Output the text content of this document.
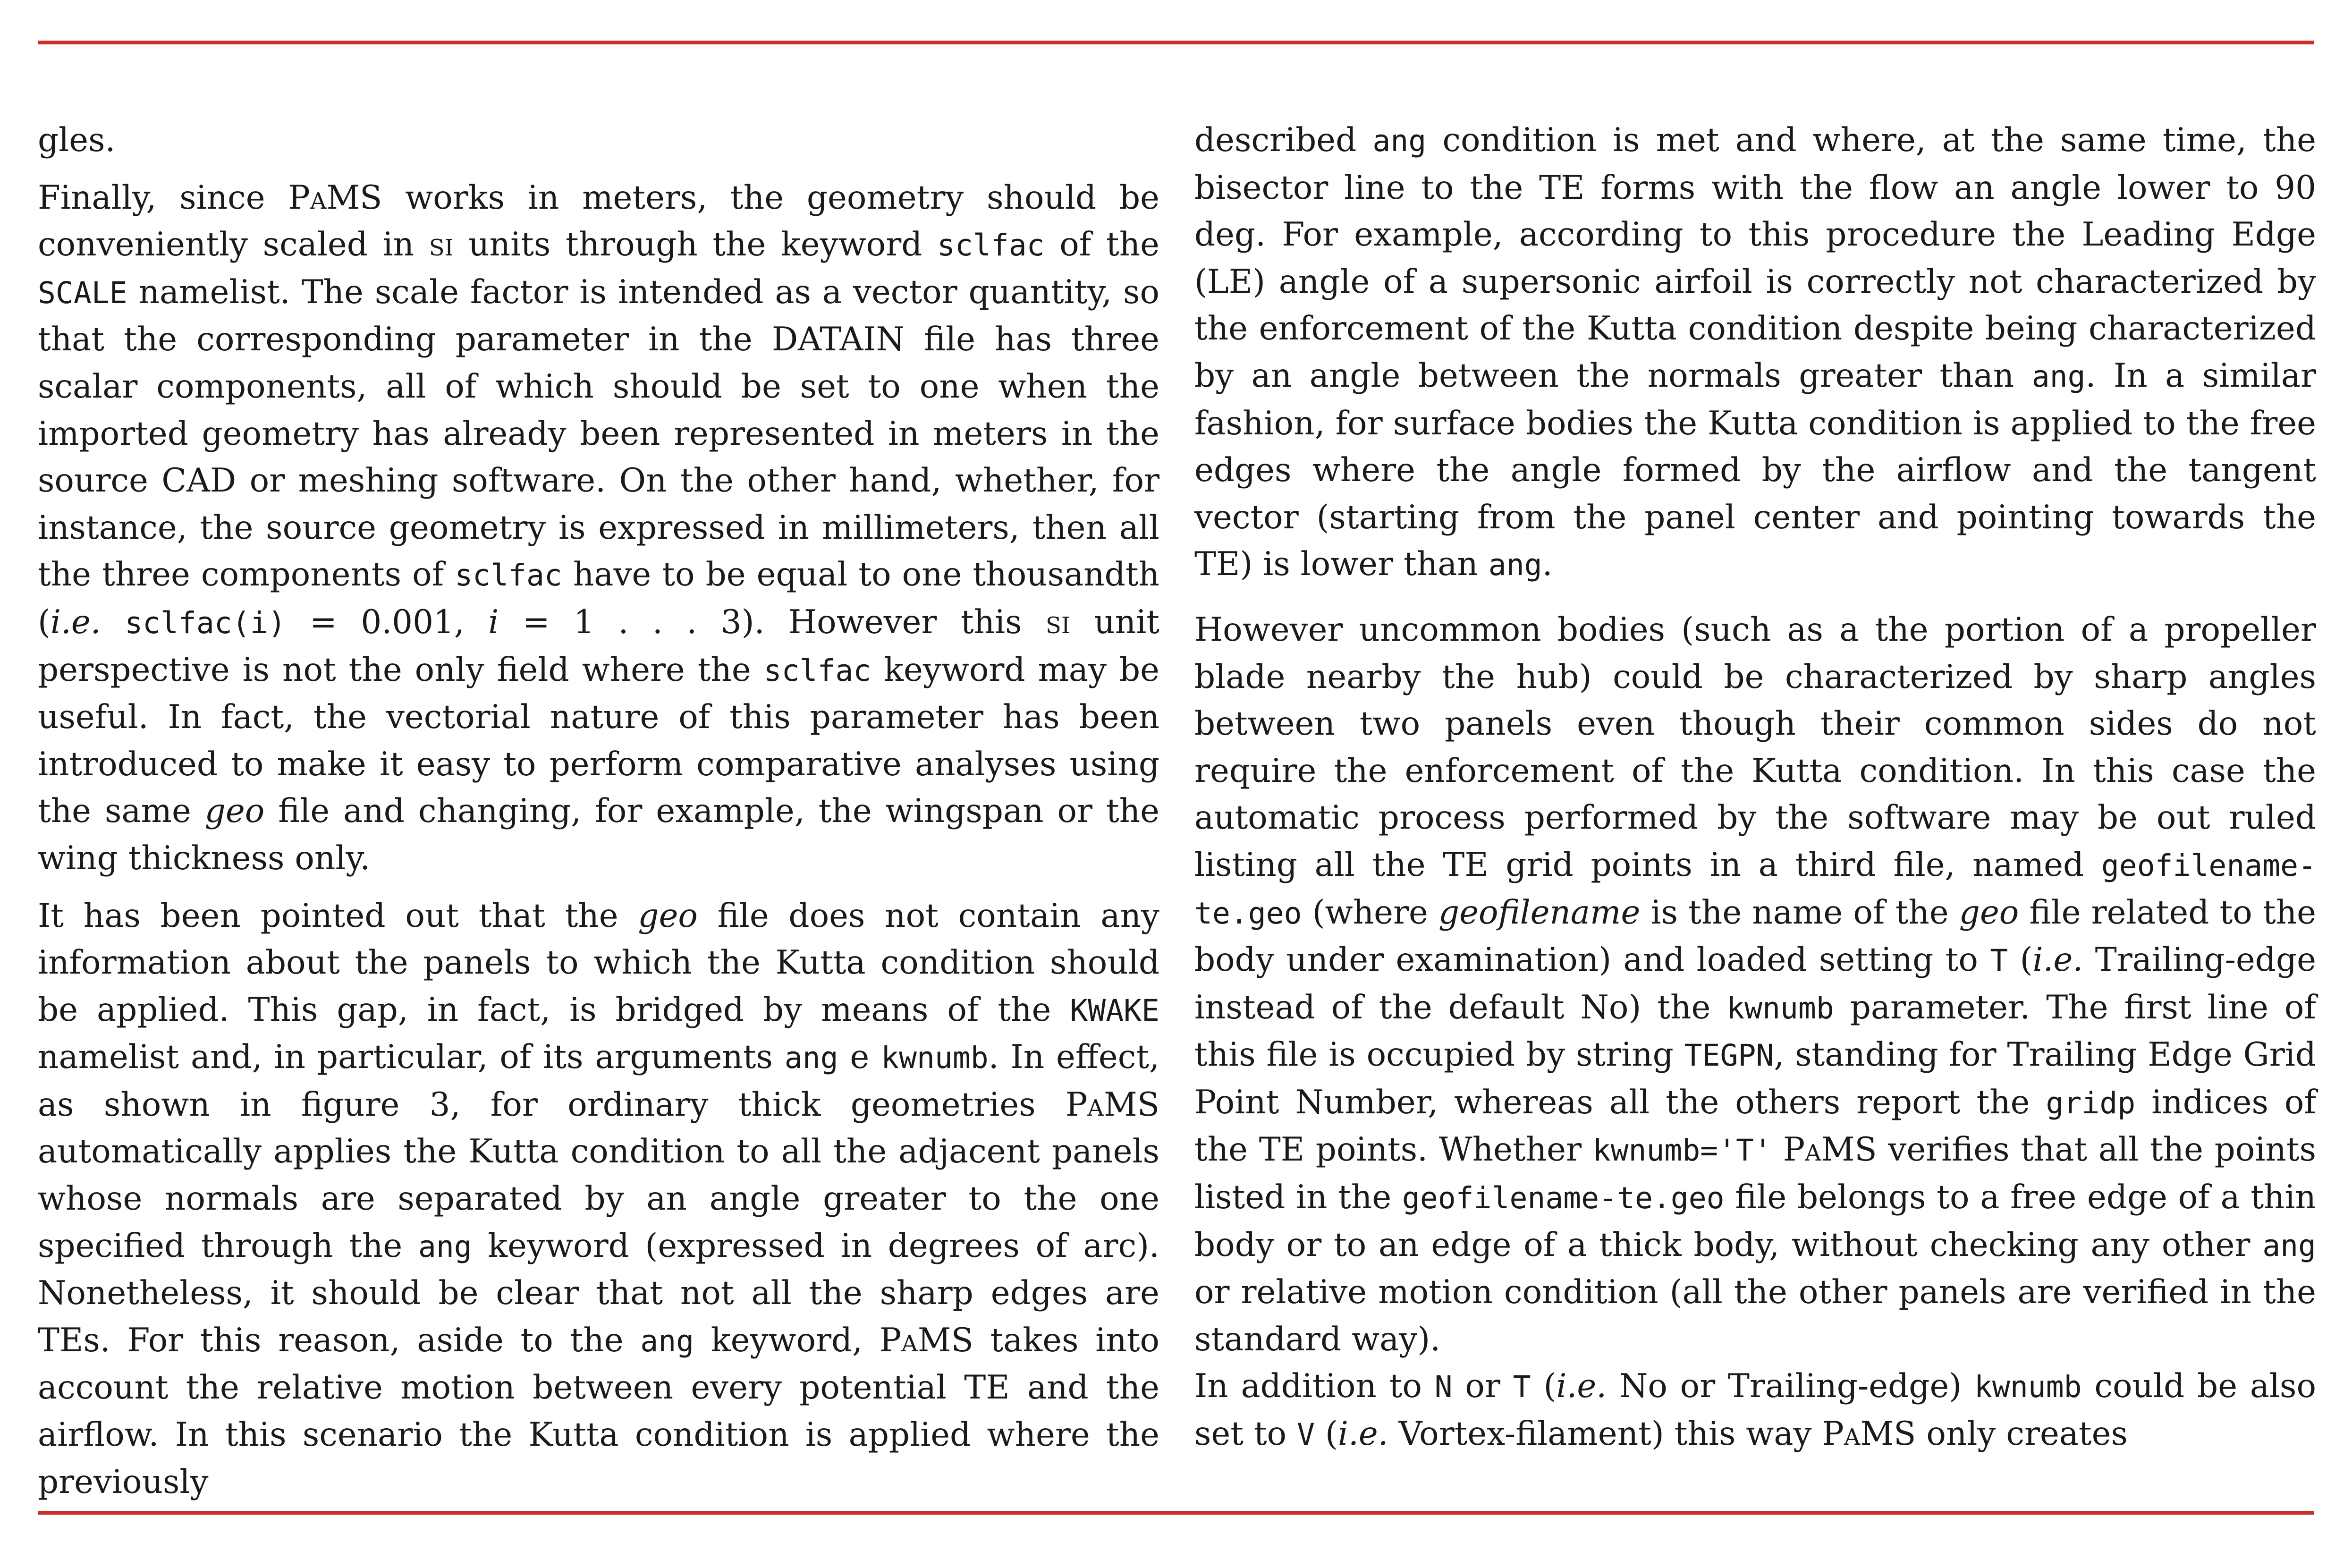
gles.

Finally, since PaMS works in meters, the geometry should be conveniently scaled in si units through the keyword sclfac of the SCALE namelist. The scale factor is intended as a vector quantity, so that the corresponding parameter in the DATAIN file has three scalar components, all of which should be set to one when the imported geometry has already been represented in meters in the source CAD or meshing software. On the other hand, whether, for instance, the source geometry is expressed in millimeters, then all the three components of sclfac have to be equal to one thousandth (i.e. sclfac(i) = 0.001, i = 1 . . . 3). However this si unit perspective is not the only field where the sclfac keyword may be useful. In fact, the vectorial nature of this parameter has been introduced to make it easy to perform comparative analyses using the same geo file and changing, for example, the wingspan or the wing thickness only.

It has been pointed out that the geo file does not contain any information about the panels to which the Kutta condition should be applied. This gap, in fact, is bridged by means of the KWAKE namelist and, in particular, of its arguments ang e kwnumb. In effect, as shown in figure 3, for ordinary thick geometries PaMS automatically applies the Kutta condition to all the adjacent panels whose normals are separated by an angle greater to the one specified through the ang keyword (expressed in degrees of arc). Nonetheless, it should be clear that not all the sharp edges are TEs. For this reason, aside to the ang keyword, PaMS takes into account the relative motion between every potential TE and the airflow. In this scenario the Kutta condition is applied where the previously

described ang condition is met and where, at the same time, the bisector line to the TE forms with the flow an angle lower to 90 deg. For example, according to this procedure the Leading Edge (LE) angle of a supersonic airfoil is correctly not characterized by the enforcement of the Kutta condition despite being characterized by an angle between the normals greater than ang. In a similar fashion, for surface bodies the Kutta condition is applied to the free edges where the angle formed by the airflow and the tangent vector (starting from the panel center and pointing towards the TE) is lower than ang.

However uncommon bodies (such as a the portion of a propeller blade nearby the hub) could be characterized by sharp angles between two panels even though their common sides do not require the enforcement of the Kutta condition. In this case the automatic process performed by the software may be out ruled listing all the TE grid points in a third file, named geofilename-te.geo (where geofilename is the name of the geo file related to the body under examination) and loaded setting to T (i.e. Trailing-edge instead of the default No) the kwnumb parameter. The first line of this file is occupied by string TEGPN, standing for Trailing Edge Grid Point Number, whereas all the others report the gridp indices of the TE points. Whether kwnumb='T' PaMS verifies that all the points listed in the geofilename-te.geo file belongs to a free edge of a thin body or to an edge of a thick body, without checking any other ang or relative motion condition (all the other panels are verified in the standard way).

In addition to N or T (i.e. No or Trailing-edge) kwnumb could be also set to V (i.e. Vortex-filament) this way PaMS only creates
